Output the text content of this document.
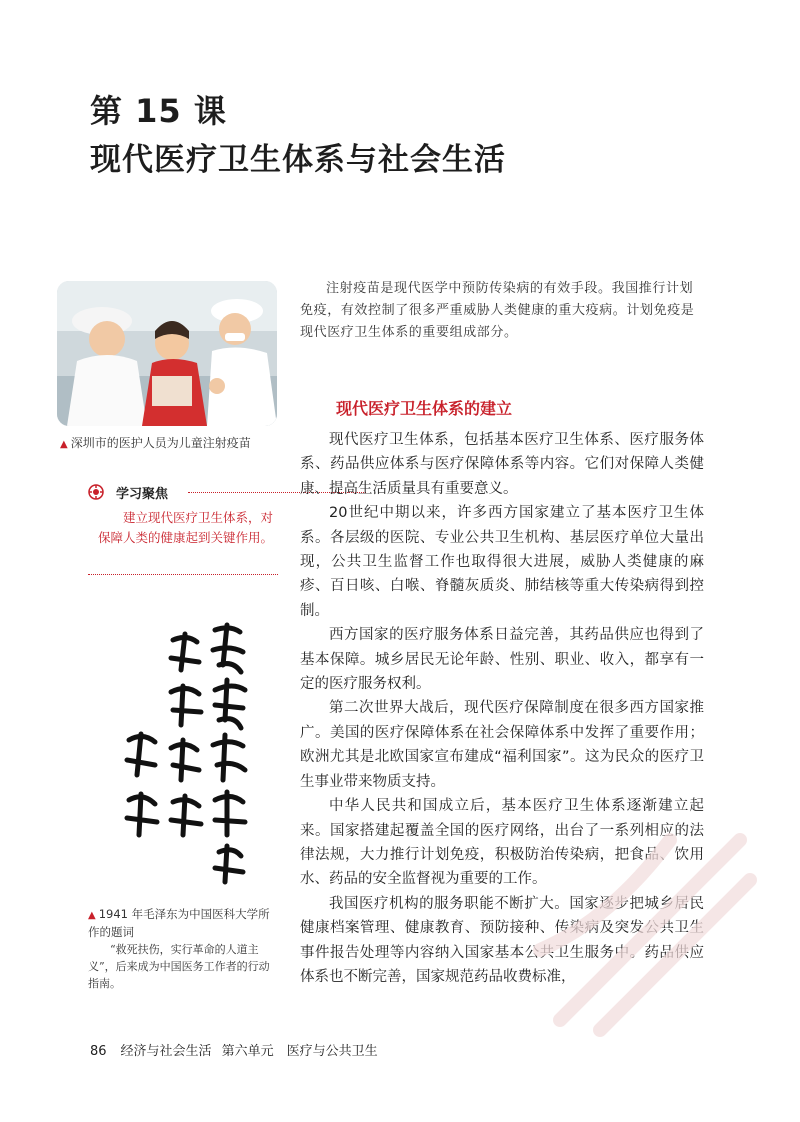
第 15 课
现代医疗卫生体系与社会生活
▲ 深圳市的医护人员为儿童注射疫苗
学习聚焦
建立现代医疗卫生体系，对保障人类的健康起到关键作用。
▲ 1941 年毛泽东为中国医科大学所作的题词
“救死扶伤，实行革命的人道主义”，后来成为中国医务工作者的行动指南。
注射疫苗是现代医学中预防传染病的有效手段。我国推行计划免疫，有效控制了很多严重威胁人类健康的重大疫病。计划免疫是现代医疗卫生体系的重要组成部分。
现代医疗卫生体系的建立

现代医疗卫生体系，包括基本医疗卫生体系、医疗服务体系、药品供应体系与医疗保障体系等内容。它们对保障人类健康、提高生活质量具有重要意义。

20世纪中期以来，许多西方国家建立了基本医疗卫生体系。各层级的医院、专业公共卫生机构、基层医疗单位大量出现，公共卫生监督工作也取得很大进展，威胁人类健康的麻疹、百日咳、白喉、脊髓灰质炎、肺结核等重大传染病得到控制。

西方国家的医疗服务体系日益完善，其药品供应也得到了基本保障。城乡居民无论年龄、性别、职业、收入，都享有一定的医疗服务权利。

第二次世界大战后，现代医疗保障制度在很多西方国家推广。美国的医疗保障体系在社会保障体系中发挥了重要作用；欧洲尤其是北欧国家宣布建成“福利国家”。这为民众的医疗卫生事业带来物质支持。

中华人民共和国成立后，基本医疗卫生体系逐渐建立起来。国家搭建起覆盖全国的医疗网络，出台了一系列相应的法律法规，大力推行计划免疫，积极防治传染病，把食品、饮用水、药品的安全监督视为重要的工作。

我国医疗机构的服务职能不断扩大。国家逐步把城乡居民健康档案管理、健康教育、预防接种、传染病及突发公共卫生事件报告处理等内容纳入国家基本公共卫生服务中。药品供应体系也不断完善，国家规范药品收费标准，

86 经济与社会生活 第六单元　医疗与公共卫生
